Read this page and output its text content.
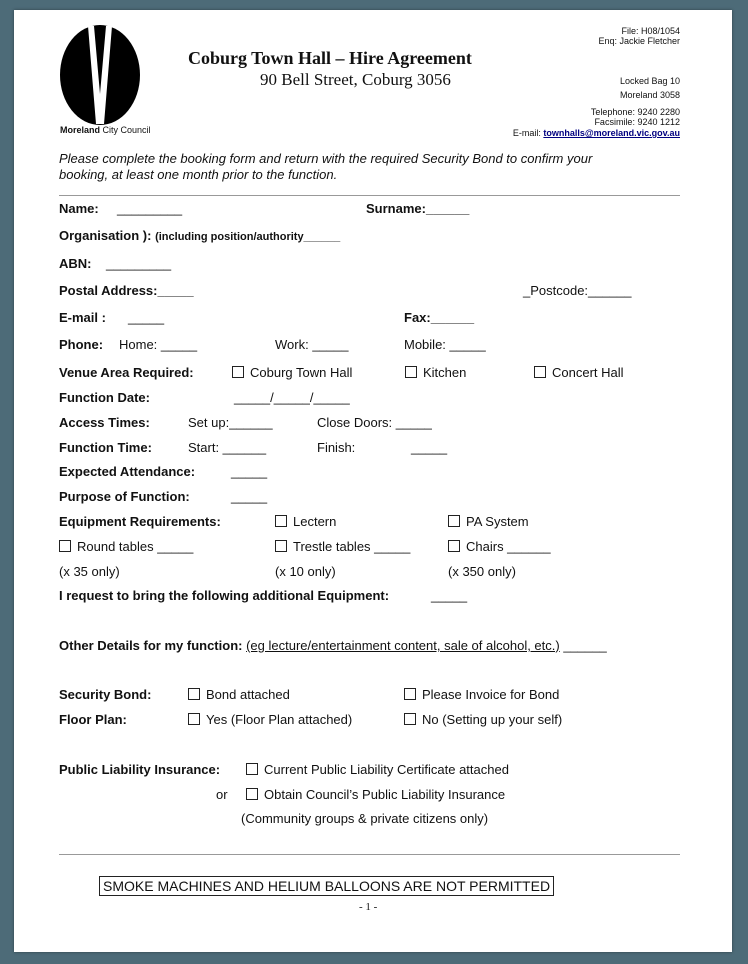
Moreland City Council
Coburg Town Hall – Hire Agreement
90 Bell Street, Coburg 3056
File: H08/1054
Enq: Jackie Fletcher
Locked Bag 10
Moreland 3058
Telephone: 9240 2280
Facsimile: 9240 1212
E-mail: townhalls@moreland.vic.gov.au
Please complete the booking form and return with the required Security Bond to confirm your
booking, at least one month prior to the function.
Name: _________	Surname:______
Organisation ): (including position/authority______
ABN: _________
Postal Address:_____	_Postcode:______
E-mail : _____	Fax:______
Phone: Home: _____	Work: _____	Mobile: _____
Venue Area Required:	Coburg Town Hall	Kitchen	Concert Hall
Function Date:	_____/_____/_____
Access Times:	Set up:______	Close Doors: _____
Function Time:	Start: ______	Finish:	_____
Expected Attendance:	_____
Purpose of Function:	_____
Equipment Requirements:	Lectern	PA System
Round tables _____	Trestle tables _____	Chairs ______
(x 35 only)	(x 10 only)	(x 350 only)
I request to bring the following additional Equipment:	_____
Other Details for my function: (eg lecture/entertainment content, sale of alcohol, etc.) ______
Security Bond:	Bond attached	Please Invoice for Bond
Floor Plan:	Yes (Floor Plan attached)	No (Setting up your self)
Public Liability Insurance:	Current Public Liability Certificate attached
or	Obtain Council’s Public Liability Insurance
(Community groups & private citizens only)
SMOKE MACHINES AND HELIUM BALLOONS ARE NOT PERMITTED
- 1 -
